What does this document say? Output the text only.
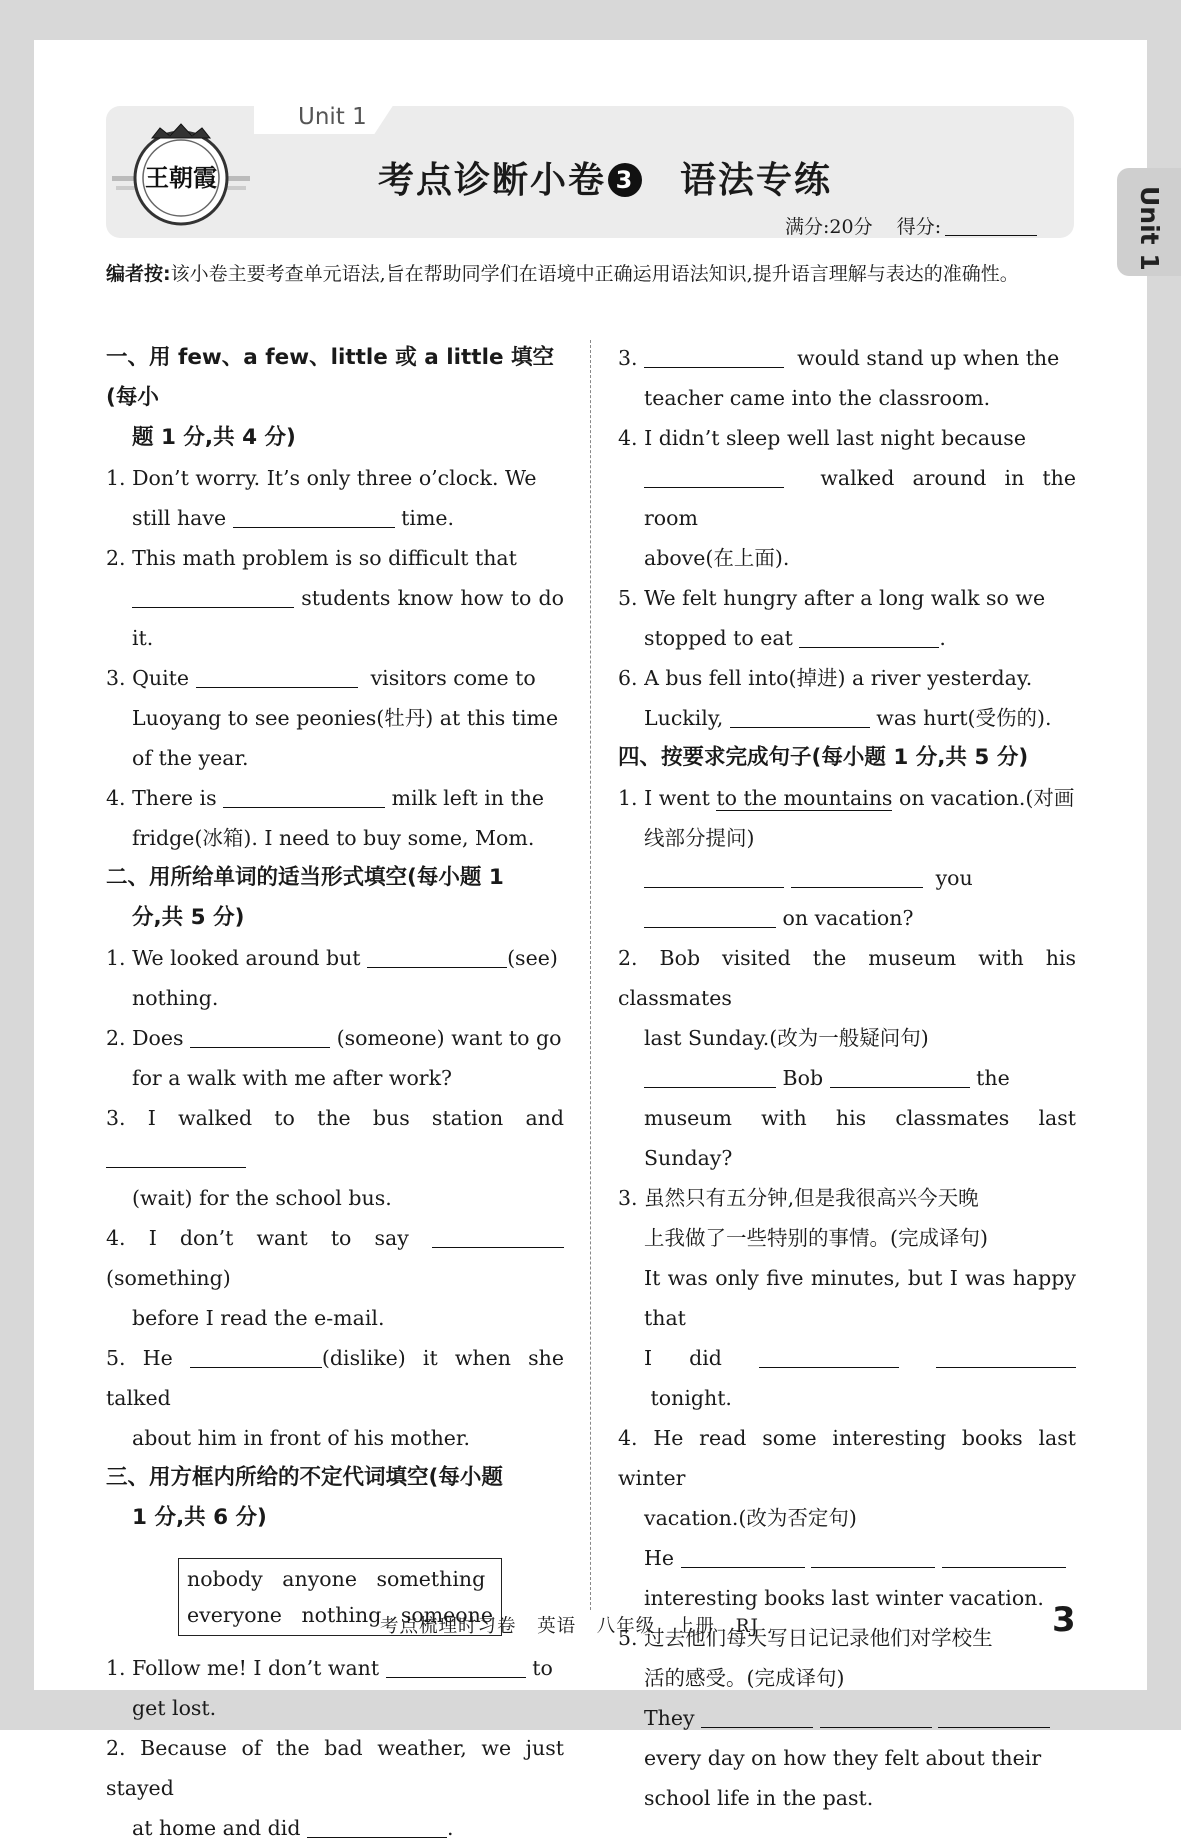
Unit 1
王朝霞	考点诊断小卷 3 语法专练
满分:20分 得分:	Unit 1
编者按:该小卷主要考查单元语法,旨在帮助同学们在语境中正确运用语法知识,提升语言理解与表达的准确性。
一、用 few、a few、little 或 a little 填空(每小
题 1 分,共 4 分)
1. Don’t worry. It’s only three o’clock. We
still have	time.
2. This math problem is so difficult that
students know how to do it.
3. Quite	visitors come to
Luoyang to see peonies(牡丹) at this time
of the year.
4. There is	milk left in the
fridge(冰箱). I need to buy some, Mom.
二、用所给单词的适当形式填空(每小题 1
分,共 5 分)
1. We looked around but	(see)
nothing.
2. Does	(someone) want to go
for a walk with me after work?
3. I walked to the bus station and
(wait) for the school bus.
4. I don’t want to say (something)
before I read the e-mail.
5. He	(dislike) it when she talked
about him in front of his mother.
三、用方框内所给的不定代词填空(每小题
1 分,共 6 分)
nobody   anyone   something
everyone   nothing   someone
1. Follow me! I don’t want	to
get lost.
2. Because of the bad weather, we just stayed
at home and did	.
3.	would stand up when the
teacher came into the classroom.
4. I didn’t sleep well last night because
walked around in the room
above(在上面).
5. We felt hungry after a long walk so we
stopped to eat	.
6. A bus fell into(掉进) a river yesterday.
Luckily,	was hurt(受伤的).
四、按要求完成句子(每小题 1 分,共 5 分)
1. I went to the mountains on vacation.(对画
线部分提问)
you
on vacation?
2. Bob visited the museum with his classmates
last Sunday.(改为一般疑问句)
Bob	the
museum with his classmates last Sunday?
3. 虽然只有五分钟,但是我很高兴今天晚
上我做了一些特别的事情。(完成译句)
It was only five minutes, but I was happy that
I did    tonight.
4. He read some interesting books last winter
vacation.(改为否定句)
He
interesting books last winter vacation.
5. 过去他们每天写日记记录他们对学校生
活的感受。(完成译句)
They
every day on how they felt about their
school life in the past.
考点梳理时习卷   英语   八年级   上册   RJ	3
